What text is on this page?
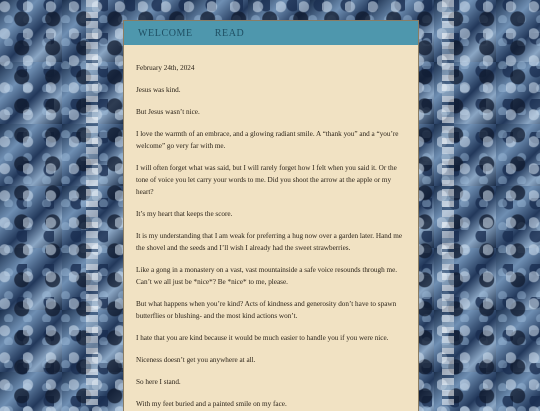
WELCOME READ

February 24th, 2024

Jesus was kind.

But Jesus wasn’t nice.

I love the warmth of an embrace, and a glowing radiant smile. A “thank you” and a “you’re welcome” go very far with me.

I will often forget what was said, but I will rarely forget how I felt when you said it. Or the tone of voice you let carry your words to me. Did you shoot the arrow at the apple or my heart?

It’s my heart that keeps the score.

It is my understanding that I am weak for preferring a hug now over a garden later. Hand me the shovel and the seeds and I’ll wish I already had the sweet strawberries.

Like a gong in a monastery on a vast, vast mountainside a safe voice resounds through me. Can’t we all just be *nice*? Be *nice* to me, please.

But what happens when you’re kind? Acts of kindness and generosity don’t have to spawn butterflies or blushing- and the most kind actions won’t.

I hate that you are kind because it would be much easier to handle you if you were nice.

Niceness doesn’t get you anywhere at all.

So here I stand.

With my feet buried and a painted smile on my face.
